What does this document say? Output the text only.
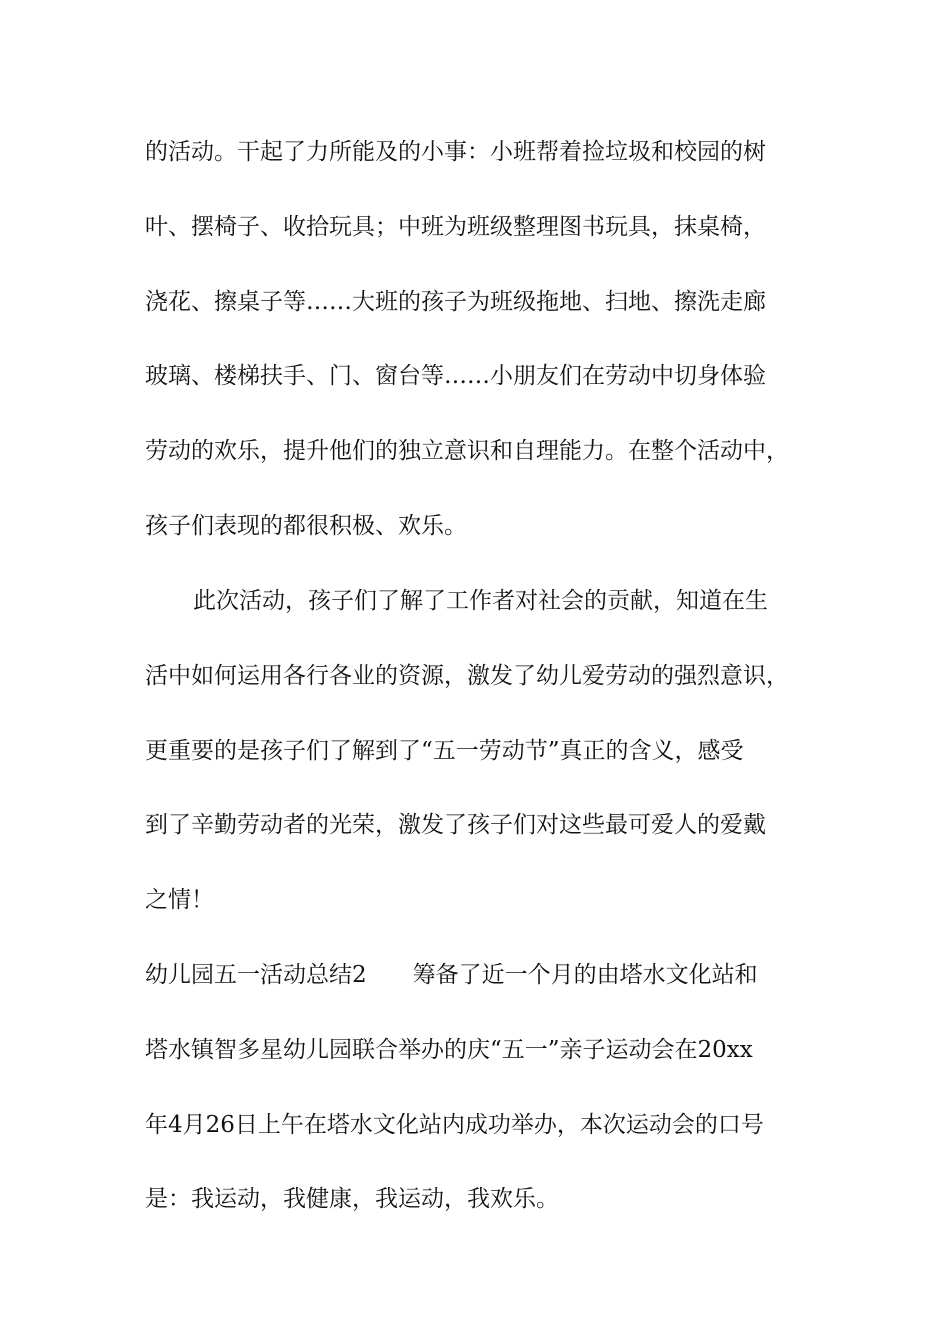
的活动。干起了力所能及的小事：小班帮着捡垃圾和校园的树
叶、摆椅子、收拾玩具；中班为班级整理图书玩具，抹桌椅，
浇花、擦桌子等……大班的孩子为班级拖地、扫地、擦洗走廊
玻璃、楼梯扶手、门、窗台等……小朋友们在劳动中切身体验
劳动的欢乐，提升他们的独立意识和自理能力。在整个活动中，
孩子们表现的都很积极、欢乐。
此次活动，孩子们了解了工作者对社会的贡献，知道在生
活中如何运用各行各业的资源，激发了幼儿爱劳动的强烈意识，
更重要的是孩子们了解到了“五一劳动节”真正的含义，感受
到了辛勤劳动者的光荣，激发了孩子们对这些最可爱人的爱戴
之情！
幼儿园五一活动总结2　　筹备了近一个月的由塔水文化站和
塔水镇智多星幼儿园联合举办的庆“五一”亲子运动会在20xx
年4月26日上午在塔水文化站内成功举办，本次运动会的口号
是：我运动，我健康，我运动，我欢乐。
